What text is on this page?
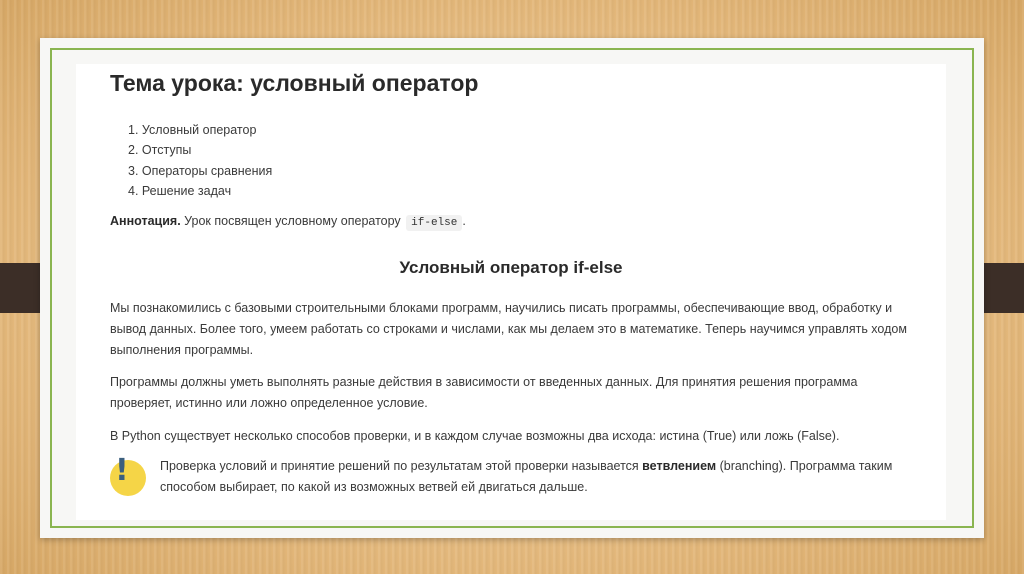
Тема урока: условный оператор
1. Условный оператор
2. Отступы
3. Операторы сравнения
4. Решение задач
Аннотация. Урок посвящен условному оператору if-else .
Условный оператор if-else

Мы познакомились с базовыми строительными блоками программ, научились писать программы, обеспечивающие ввод, обработку и вывод данных. Более того, умеем работать со строками и числами, как мы делаем это в математике. Теперь научимся управлять ходом выполнения программы.

Программы должны уметь выполнять разные действия в зависимости от введенных данных. Для принятия решения программа проверяет, истинно или ложно определенное условие.

В Python существует несколько способов проверки, и в каждом случае возможны два исхода: истина (True) или ложь (False).

!	Проверка условий и принятие решений по результатам этой проверки называется ветвлением (branching). Программа таким способом выбирает, по какой из возможных ветвей ей двигаться дальше.
